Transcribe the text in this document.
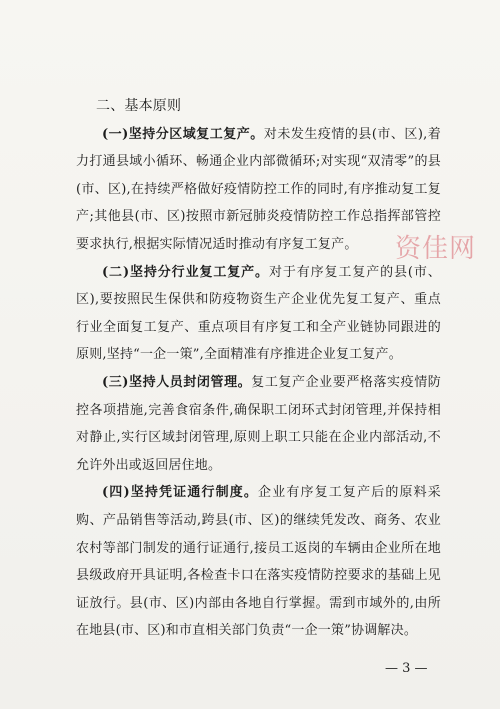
二、基本原则

(一)坚持分区域复工复产。对未发生疫情的县(市、区),着力打通县域小循环、畅通企业内部微循环;对实现“双清零”的县(市、区),在持续严格做好疫情防控工作的同时,有序推动复工复产;其他县(市、区)按照市新冠肺炎疫情防控工作总指挥部管控要求执行,根据实际情况适时推动有序复工复产。

(二)坚持分行业复工复产。对于有序复工复产的县(市、区),要按照民生保供和防疫物资生产企业优先复工复产、重点行业全面复工复产、重点项目有序复工和全产业链协同跟进的原则,坚持“一企一策”,全面精准有序推进企业复工复产。

(三)坚持人员封闭管理。复工复产企业要严格落实疫情防控各项措施,完善食宿条件,确保职工闭环式封闭管理,并保持相对静止,实行区域封闭管理,原则上职工只能在企业内部活动,不允许外出或返回居住地。

(四)坚持凭证通行制度。企业有序复工复产后的原料采购、产品销售等活动,跨县(市、区)的继续凭发改、商务、农业农村等部门制发的通行证通行,接员工返岗的车辆由企业所在地县级政府开具证明,各检查卡口在落实疫情防控要求的基础上见证放行。县(市、区)内部由各地自行掌握。需到市域外的,由所在地县(市、区)和市直相关部门负责“一企一策”协调解决。

资佳网
— 3 —
